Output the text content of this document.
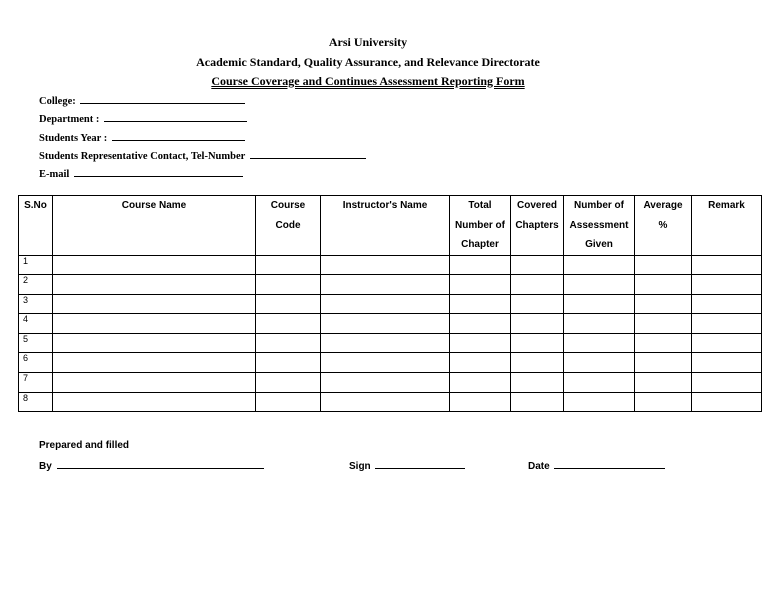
Arsi University
Academic Standard, Quality Assurance, and Relevance Directorate
Course Coverage and Continues Assessment Reporting Form
College:
Department :
Students Year :
Students Representative Contact, Tel-Number
E-mail
S.No	Course Name	Course Code	Instructor's Name	Total Number of Chapter	Covered Chapters	Number of Assessment Given	Average %	Remark

1								
2								
3								
4								
5								
6								
7								
8								
Prepared and filled
By	Sign	Date
